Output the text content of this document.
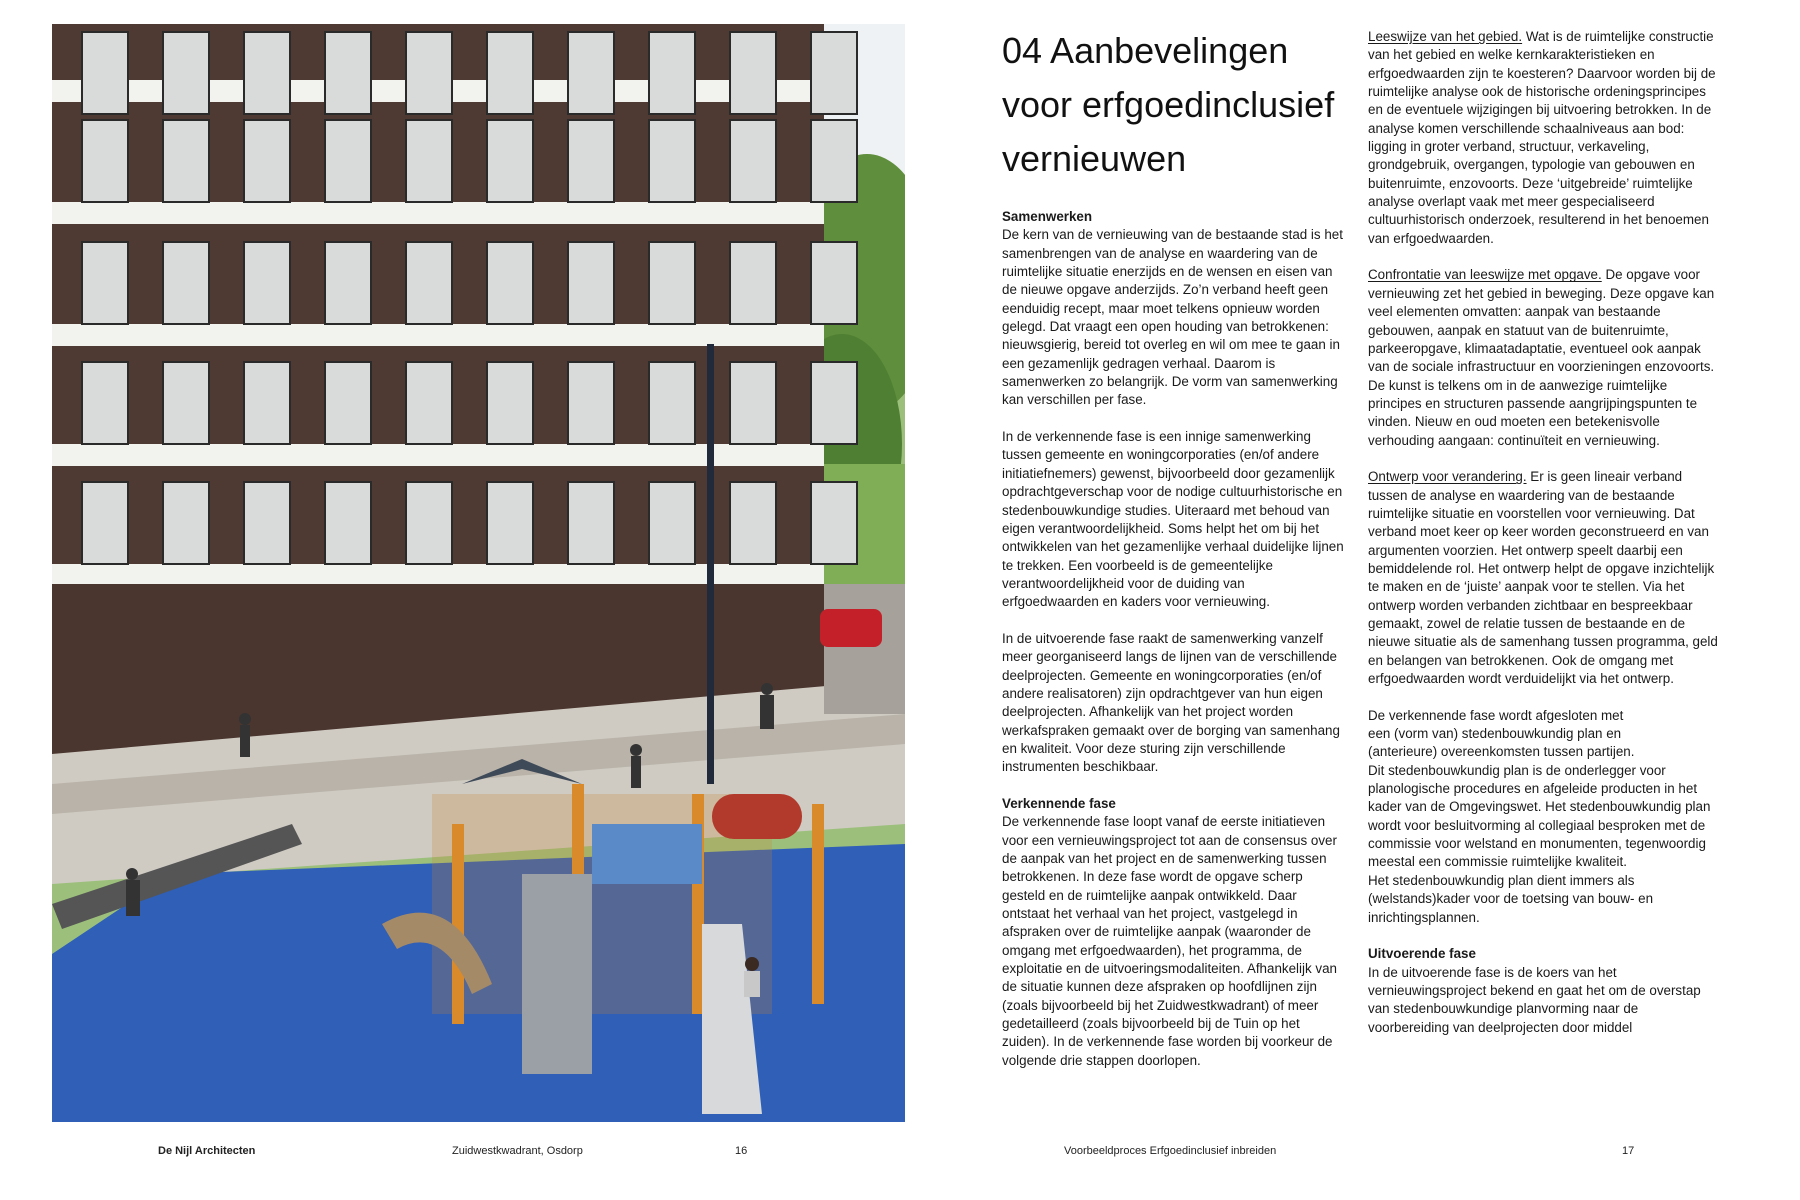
De Nijl Architecten	Zuidwestkwadrant, Osdorp	16
04 Aanbevelingen voor erfgoedinclusief vernieuwen
Samenwerken

De kern van de vernieuwing van de bestaande stad is het samenbrengen van de analyse en waardering van de ruimtelijke situatie enerzijds en de wensen en eisen van de nieuwe opgave anderzijds. Zo’n verband heeft geen eenduidig recept, maar moet telkens opnieuw worden gelegd. Dat vraagt een open houding van betrokkenen: nieuwsgierig, bereid tot overleg en wil om mee te gaan in een gezamenlijk gedragen verhaal. Daarom is samenwerken zo belangrijk. De vorm van samenwerking kan verschillen per fase.

In de verkennende fase is een innige samenwerking tussen gemeente en woningcorporaties (en/of andere initiatiefnemers) gewenst, bijvoorbeeld door gezamenlijk opdrachtgeverschap voor de nodige cultuurhistorische en stedenbouwkundige studies. Uiteraard met behoud van eigen verantwoordelijkheid. Soms helpt het om bij het ontwikkelen van het gezamenlijke verhaal duidelijke lijnen te trekken. Een voorbeeld is de gemeentelijke verantwoordelijkheid voor de duiding van erfgoedwaarden en kaders voor vernieuwing.

In de uitvoerende fase raakt de samenwerking vanzelf meer georganiseerd langs de lijnen van de verschillende deelprojecten. Gemeente en woningcorporaties (en/of andere realisatoren) zijn opdrachtgever van hun eigen deelprojecten. Afhankelijk van het project worden werkafspraken gemaakt over de borging van samenhang en kwaliteit. Voor deze sturing zijn verschillende instrumenten beschikbaar.

Verkennende fase

De verkennende fase loopt vanaf de eerste initiatieven voor een vernieuwingsproject tot aan de consensus over de aanpak van het project en de samenwerking tussen betrokkenen. In deze fase wordt de opgave scherp gesteld en de ruimtelijke aanpak ontwikkeld. Daar ontstaat het verhaal van het project, vastgelegd in afspraken over de ruimtelijke aanpak (waaronder de omgang met erfgoedwaarden), het programma, de exploitatie en de uitvoeringsmodaliteiten. Afhankelijk van de situatie kunnen deze afspraken op hoofdlijnen zijn (zoals bijvoorbeeld bij het Zuidwestkwadrant) of meer gedetailleerd (zoals bijvoorbeeld bij de Tuin op het zuiden). In de verkennende fase worden bij voorkeur de volgende drie stappen doorlopen.

Leeswijze van het gebied. Wat is de ruimtelijke constructie van het gebied en welke kernkarakteristieken en erfgoedwaarden zijn te koesteren? Daarvoor worden bij de ruimtelijke analyse ook de historische ordeningsprincipes en de eventuele wijzigingen bij uitvoering betrokken. In de analyse komen verschillende schaalniveaus aan bod: ligging in groter verband, structuur, verkaveling, grondgebruik, overgangen, typologie van gebouwen en buitenruimte, enzovoorts. Deze ‘uitgebreide’ ruimtelijke analyse overlapt vaak met meer gespecialiseerd cultuurhistorisch onderzoek, resulterend in het benoemen van erfgoedwaarden.

Confrontatie van leeswijze met opgave. De opgave voor vernieuwing zet het gebied in beweging. Deze opgave kan veel elementen omvatten: aanpak van bestaande gebouwen, aanpak en statuut van de buitenruimte, parkeeropgave, klimaatadaptatie, eventueel ook aanpak van de sociale infrastructuur en voorzieningen enzovoorts. De kunst is telkens om in de aanwezige ruimtelijke principes en structuren passende aangrijpingspunten te vinden. Nieuw en oud moeten een betekenisvolle verhouding aangaan: continuïteit en vernieuwing.

Ontwerp voor verandering. Er is geen lineair verband tussen de analyse en waardering van de bestaande ruimtelijke situatie en voorstellen voor vernieuwing. Dat verband moet keer op keer worden geconstrueerd en van argumenten voorzien. Het ontwerp speelt daarbij een bemiddelende rol. Het ontwerp helpt de opgave inzichtelijk te maken en de ‘juiste’ aanpak voor te stellen. Via het ontwerp worden verbanden zichtbaar en bespreekbaar gemaakt, zowel de relatie tussen de bestaande en de nieuwe situatie als de samenhang tussen programma, geld en belangen van betrokkenen. Ook de omgang met erfgoedwaarden wordt verduidelijkt via het ontwerp.

De verkennende fase wordt afgesloten met
een (vorm van) stedenbouwkundig plan en
(anterieure) overeenkomsten tussen partijen.
Dit stedenbouwkundig plan is de onderlegger voor planologische procedures en afgeleide producten in het kader van de Omgevingswet. Het stedenbouwkundig plan wordt voor besluitvorming al collegiaal besproken met de commissie voor welstand en monumenten, tegenwoordig meestal een commissie ruimtelijke kwaliteit.
Het stedenbouwkundig plan dient immers als (welstands)kader voor de toetsing van bouw- en inrichtingsplannen.

Uitvoerende fase

In de uitvoerende fase is de koers van het vernieuwingsproject bekend en gaat het om de overstap van stedenbouwkundige planvorming naar de voorbereiding van deelprojecten door middel

Voorbeeldproces Erfgoedinclusief inbreiden	17
